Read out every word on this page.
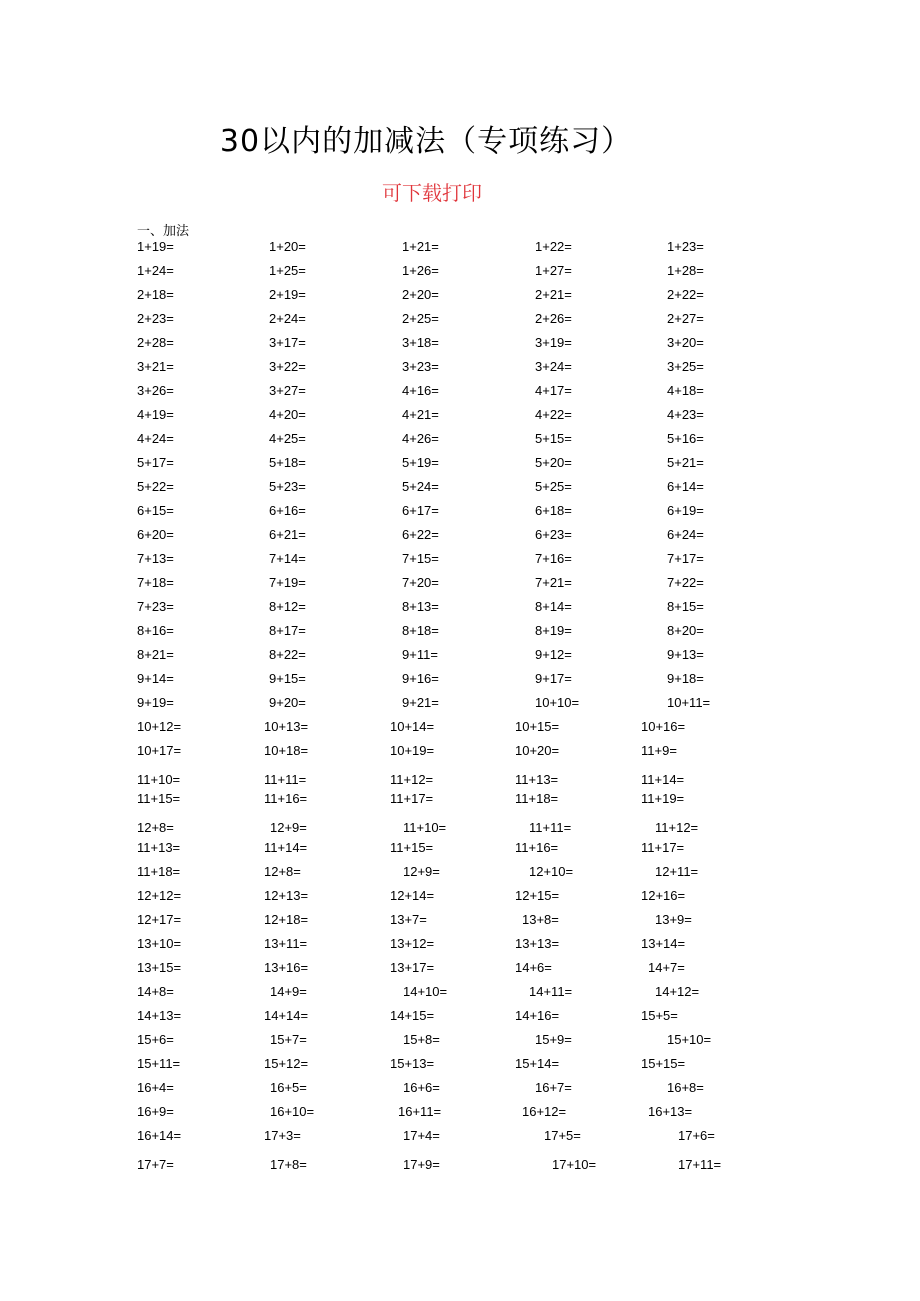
30以内的加减法（专项练习）
可下载打印
一、加法
1+19=	1+20=	1+21=	1+22=	1+23=
1+24=	1+25=	1+26=	1+27=	1+28=
2+18=	2+19=	2+20=	2+21=	2+22=
2+23=	2+24=	2+25=	2+26=	2+27=
2+28=	3+17=	3+18=	3+19=	3+20=
3+21=	3+22=	3+23=	3+24=	3+25=
3+26=	3+27=	4+16=	4+17=	4+18=
4+19=	4+20=	4+21=	4+22=	4+23=
4+24=	4+25=	4+26=	5+15=	5+16=
5+17=	5+18=	5+19=	5+20=	5+21=
5+22=	5+23=	5+24=	5+25=	6+14=
6+15=	6+16=	6+17=	6+18=	6+19=
6+20=	6+21=	6+22=	6+23=	6+24=
7+13=	7+14=	7+15=	7+16=	7+17=
7+18=	7+19=	7+20=	7+21=	7+22=
7+23=	8+12=	8+13=	8+14=	8+15=
8+16=	8+17=	8+18=	8+19=	8+20=
8+21=	8+22=	9+11=	9+12=	9+13=
9+14=	9+15=	9+16=	9+17=	9+18=
9+19=	9+20=	9+21=	10+10=	10+11=
10+12=	10+13=	10+14=	10+15=	10+16=
10+17=	10+18=	10+19=	10+20=	11+9=
11+10=	11+11=	11+12=	11+13=	11+14=
11+15=	11+16=	11+17=	11+18=	11+19=
12+8=	12+9=	11+10=	11+11=	11+12=
11+13=	11+14=	11+15=	11+16=	11+17=
11+18=	12+8=	12+9=	12+10=	12+11=
12+12=	12+13=	12+14=	12+15=	12+16=
12+17=	12+18=	13+7=	13+8=	13+9=
13+10=	13+11=	13+12=	13+13=	13+14=
13+15=	13+16=	13+17=	14+6=	14+7=
14+8=	14+9=	14+10=	14+11=	14+12=
14+13=	14+14=	14+15=	14+16=	15+5=
15+6=	15+7=	15+8=	15+9=	15+10=
15+11=	15+12=	15+13=	15+14=	15+15=
16+4=	16+5=	16+6=	16+7=	16+8=
16+9=	16+10=	16+11=	16+12=	16+13=
16+14=	17+3=	17+4=	17+5=	17+6=
17+7=	17+8=	17+9=	17+10=	17+11=
